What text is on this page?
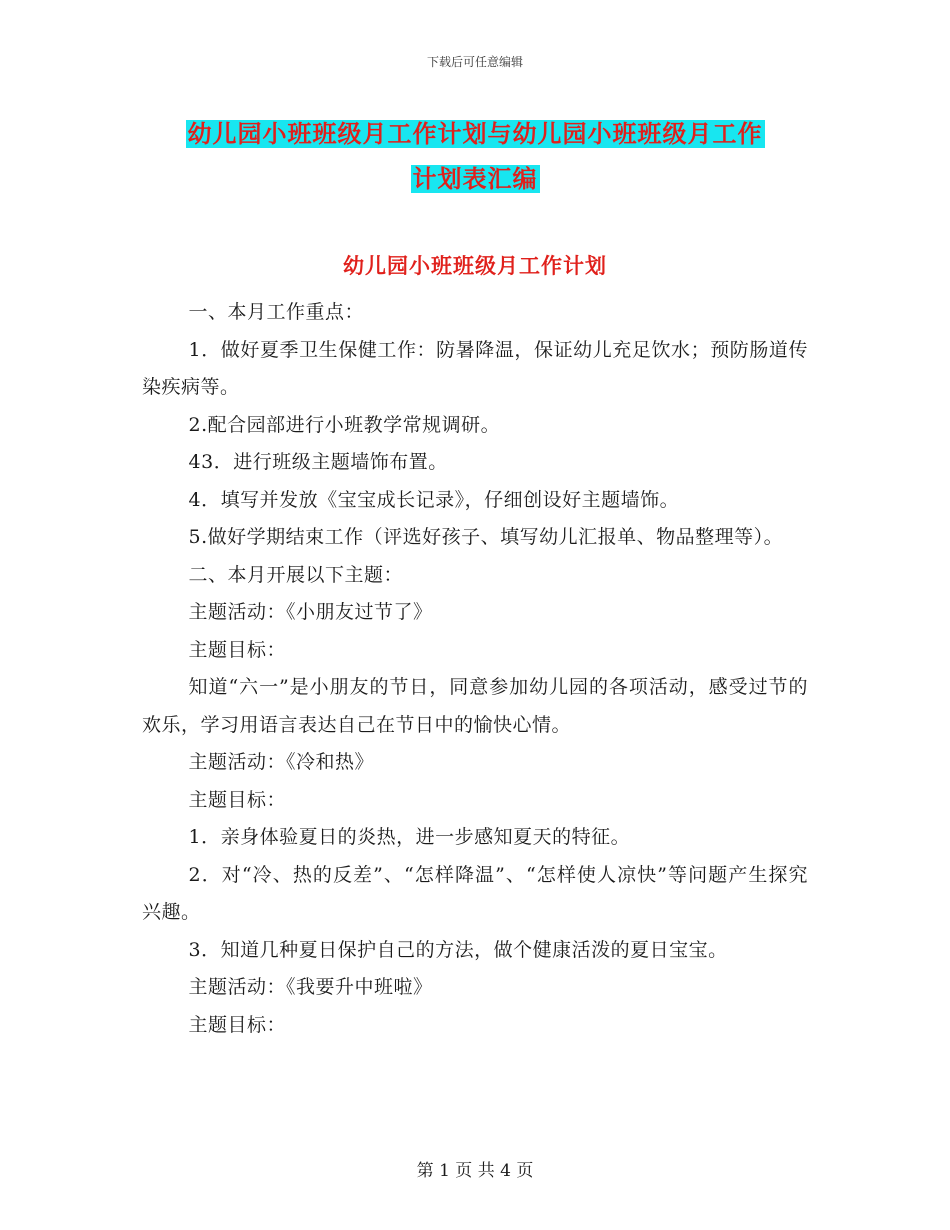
下载后可任意编辑
幼儿园小班班级月工作计划与幼儿园小班班级月工作
计划表汇编
幼儿园小班班级月工作计划

一、本月工作重点：

1．做好夏季卫生保健工作：防暑降温，保证幼儿充足饮水；预防肠道传染疾病等。

2.配合园部进行小班教学常规调研。

43．进行班级主题墙饰布置。

4．填写并发放《宝宝成长记录》，仔细创设好主题墙饰。

5.做好学期结束工作（评选好孩子、填写幼儿汇报单、物品整理等）。

二、本月开展以下主题：

主题活动：《小朋友过节了》

主题目标：

知道“六一”是小朋友的节日，同意参加幼儿园的各项活动，感受过节的欢乐，学习用语言表达自己在节日中的愉快心情。

主题活动：《冷和热》

主题目标：

1．亲身体验夏日的炎热，进一步感知夏天的特征。

2．对“冷、热的反差”、“怎样降温”、“怎样使人凉快”等问题产生探究兴趣。

3．知道几种夏日保护自己的方法，做个健康活泼的夏日宝宝。

主题活动：《我要升中班啦》

主题目标：

第 1 页 共 4 页
